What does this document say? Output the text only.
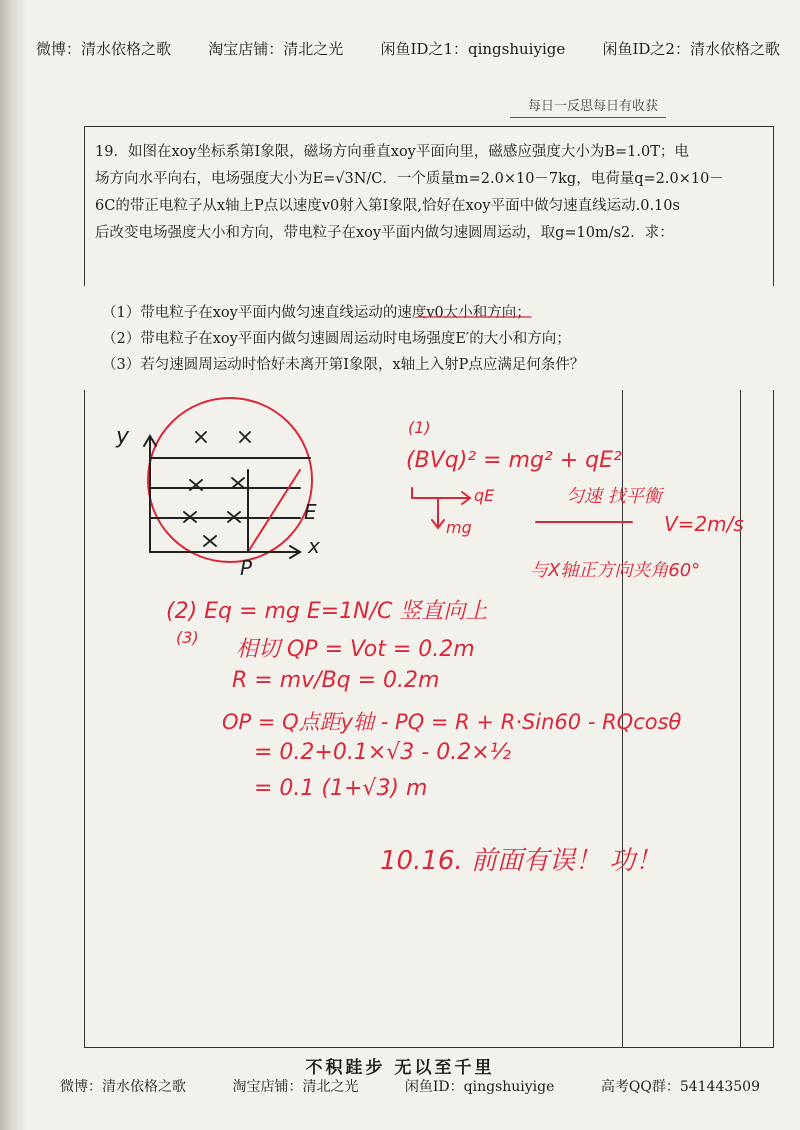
微博：清水依格之歌 淘宝店铺：清北之光 闲鱼ID之1：qingshuiyige 闲鱼ID之2：清水依格之歌
每日一反思每日有收获
19．如图在xoy坐标系第Ⅰ象限，磁场方向垂直xoy平面向里，磁感应强度大小为B=1.0T；电
场方向水平向右，电场强度大小为E=√3N/C．一个质量m=2.0×10－7kg，电荷量q=2.0×10－
6C的带正电粒子从x轴上P点以速度v0射入第Ⅰ象限,恰好在xoy平面中做匀速直线运动.0.10s
后改变电场强度大小和方向，带电粒子在xoy平面内做匀速圆周运动，取g=10m/s2．求：
（1）带电粒子在xoy平面内做匀速直线运动的速度v0大小和方向；
（2）带电粒子在xoy平面内做匀速圆周运动时电场强度E′的大小和方向；
（3）若匀速圆周运动时恰好未离开第Ⅰ象限，x轴上入射P点应满足何条件？
y
x
E
P
(1)
(BVq)² = mg² + qE²
qE
mg
匀速 找平衡
V=2m/s
与X轴正方向夹角60°
(2) Eq = mg E=1N/C 竖直向上
(3) 相切 QP = Vot = 0.2m
R = mv/Bq = 0.2m
OP = Q点距y轴 - PQ = R + R·Sin60 - RQcosθ
= 0.2+0.1×√3 - 0.2×½
= 0.1 (1+√3) m
10.16. 前面有误！ 功！
不积跬步 无以至千里
微博：清水依格之歌	淘宝店铺：清北之光	闲鱼ID：qingshuiyige	高考QQ群：541443509
